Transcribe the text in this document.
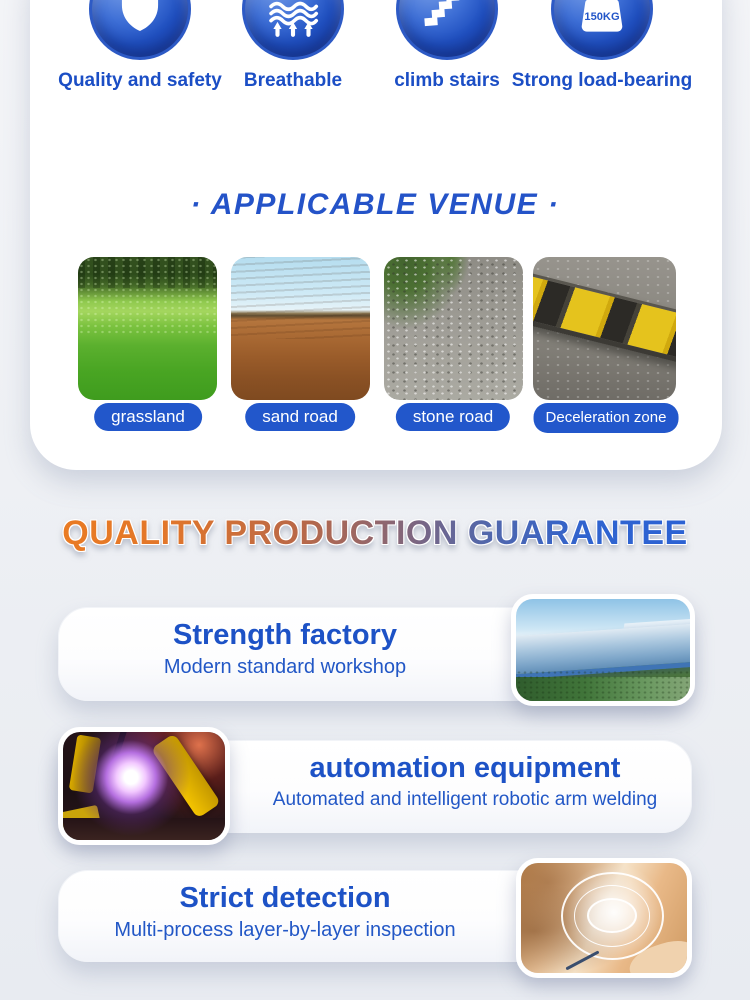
Quality and safety Breathable	climb stairs
150KG
Strong load-bearing
· APPLICABLE VENUE ·
grassland	sand road	stone road	Deceleration zone
QUALITY PRODUCTION GUARANTEE
Strength factory
Modern standard workshop
automation equipment
Automated and intelligent robotic arm welding
Strict detection
Multi-process layer-by-layer inspection
